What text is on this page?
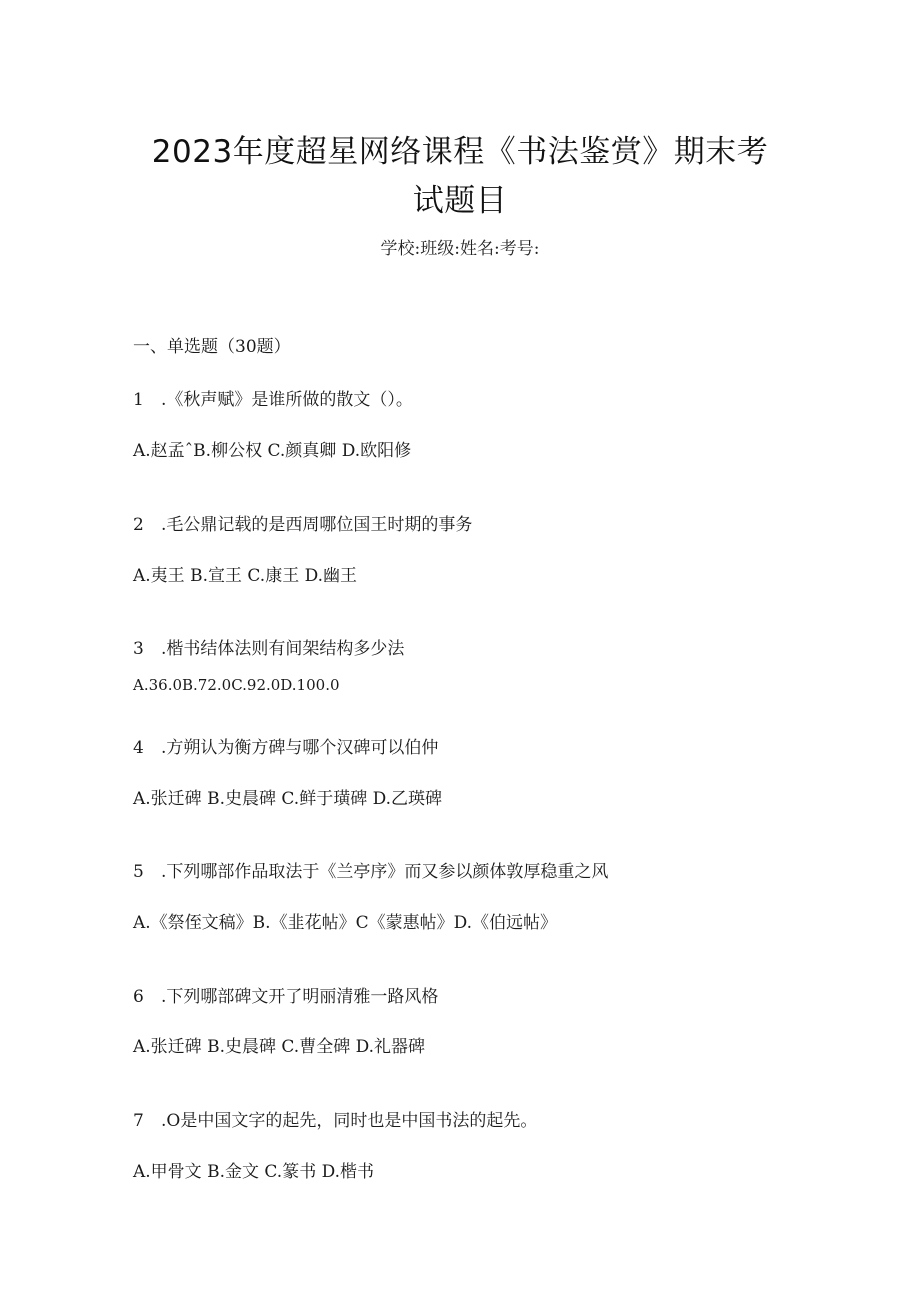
2023年度超星网络课程《书法鉴赏》期末考
试题目
学校:班级:姓名:考号:
一、单选题（30题）
1 .《秋声赋》是谁所做的散文（）。
A.赵孟ˆB.柳公权 C.颜真卿 D.欧阳修
2 .毛公鼎记载的是西周哪位国王时期的事务
A.夷王 B.宣王 C.康王 D.幽王
3 .楷书结体法则有间架结构多少法
A.36.0B.72.0C.92.0D.100.0
4 .方朔认为衡方碑与哪个汉碑可以伯仲
A.张迁碑 B.史晨碑 C.鲜于璜碑 D.乙瑛碑
5 .下列哪部作品取法于《兰亭序》而又参以颜体敦厚稳重之风
A.《祭侄文稿》B.《韭花帖》C《蒙惠帖》D.《伯远帖》
6 .下列哪部碑文开了明丽清雅一路风格
A.张迁碑 B.史晨碑 C.曹全碑 D.礼器碑
7 .O是中国文字的起先，同时也是中国书法的起先。
A.甲骨文 B.金文 C.篆书 D.楷书
